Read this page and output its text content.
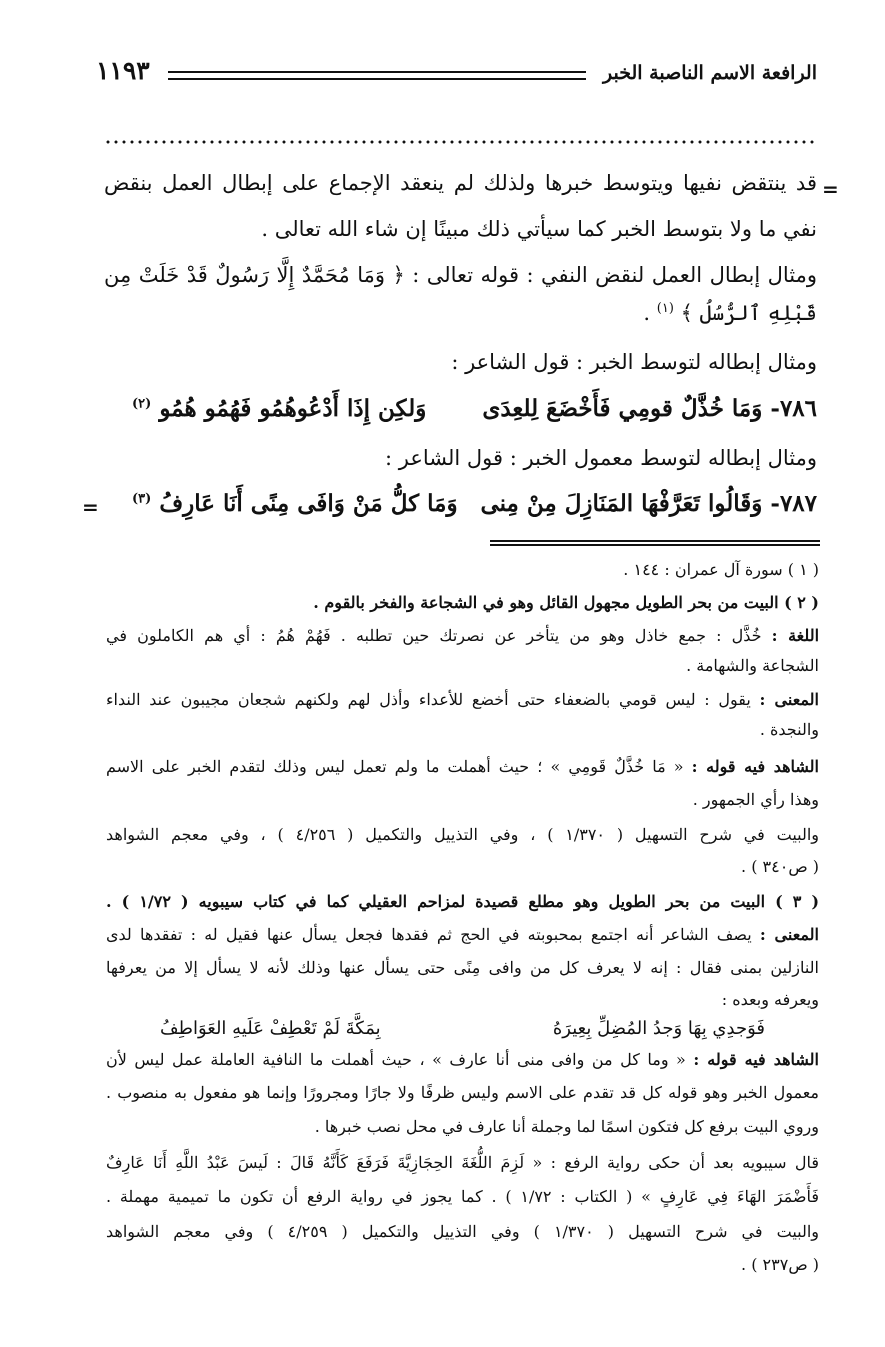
الرافعة الاسم الناصبة الخبر
١١٩٣
=
قد ينتقض نفيها ويتوسط خبرها ولذلك لم ينعقد الإجماع على إبطال العمل بنقض
نفي ما ولا بتوسط الخبر كما سيأتي ذلك مبينًا إن شاء الله تعالى .
ومثال إبطال العمل لنقض النفي : قوله تعالى : ﴿ وَمَا مُحَمَّدٌ إِلَّا رَسُولٌ قَدْ خَلَتْ مِن
قَبْلِهِ ٱلرُّسُلُ ﴾ $^{(١)}$ .
ومثال إبطاله لتوسط الخبر : قول الشاعر :
٧٨٦- وَمَا خُذَّلٌ قومِي فَأَخْضَعَ لِلعِدَى
وَلكِن إِذَا أَدْعُوهُمُو فَهُمُو هُمُو $^{(٢)}$
ومثال إبطاله لتوسط معمول الخبر : قول الشاعر :
٧٨٧- وَقَالُوا تَعَرَّفْهَا المَنَازِلَ مِنْ مِنى
وَمَا كلُّ مَنْ وَافَى مِنًى أَنَا عَارِفُ $^{(٣)}$
=
( ١ ) سورة آل عمران : ١٤٤ .
( ٢ ) البيت من بحر الطويل مجهول القائل وهو في الشجاعة والفخر بالقوم .
اللغة : خُذَّل : جمع خاذل وهو من يتأخر عن نصرتك حين تطلبه . فَهُمْ هُمُ : أي هم الكاملون في
الشجاعة والشهامة .
المعنى : يقول : ليس قومي بالضعفاء حتى أخضع للأعداء وأذل لهم ولكنهم شجعان مجيبون عند النداء
والنجدة .
الشاهد فيه قوله : « مَا خُذَّلٌ قَومِي » ؛ حيث أهملت ما ولم تعمل ليس وذلك لتقدم الخبر على الاسم
وهذا رأي الجمهور .
والبيت في شرح التسهيل ( ١/٣٧٠ ) ، وفي التذييل والتكميل ( ٤/٢٥٦ ) ، وفي معجم الشواهد
( ص٣٤٠ ) .
( ٣ ) البيت من بحر الطويل وهو مطلع قصيدة لمزاحم العقيلي كما في كتاب سيبويه ( ١/٧٢ ) .
المعنى : يصف الشاعر أنه اجتمع بمحبوبته في الحج ثم فقدها فجعل يسأل عنها فقيل له : تفقدها لدى
النازلين بمنى فقال : إنه لا يعرف كل من وافى مِنًى حتى يسأل عنها وذلك لأنه لا يسأل إلا من يعرفها
ويعرفه وبعده :
فَوَجدِي بِهَا وَجدُ المُضِلِّ بِعِيرَهُ
بِمَكَّةَ لَمْ تَعْطِفْ عَلَيهِ العَوَاطِفُ
الشاهد فيه قوله : « وما كل من وافى منى أنا عارف » ، حيث أهملت ما النافية العاملة عمل ليس لأن
معمول الخبر وهو قوله كل قد تقدم على الاسم وليس ظرفًا ولا جارًا ومجرورًا وإنما هو مفعول به منصوب .
وروي البيت برفع كل فتكون اسمًا لما وجملة أنا عارف في محل نصب خبرها .
قال سيبويه بعد أن حكى رواية الرفع : « لَزِمَ اللُّغَةَ الحِجَازِيَّةَ فَرَفَعَ كَأَنَّهُ قَالَ : لَيسَ عَبْدُ اللَّهِ أَنَا عَارِفٌ
فَأَضْمَرَ الهَاءَ فِي عَارِفٍ » ( الكتاب : ١/٧٢ ) . كما يجوز في رواية الرفع أن تكون ما تميمية مهملة .
والبيت في شرح التسهيل ( ١/٣٧٠ ) وفي التذييل والتكميل ( ٤/٢٥٩ ) وفي معجم الشواهد
( ص٢٣٧ ) .
